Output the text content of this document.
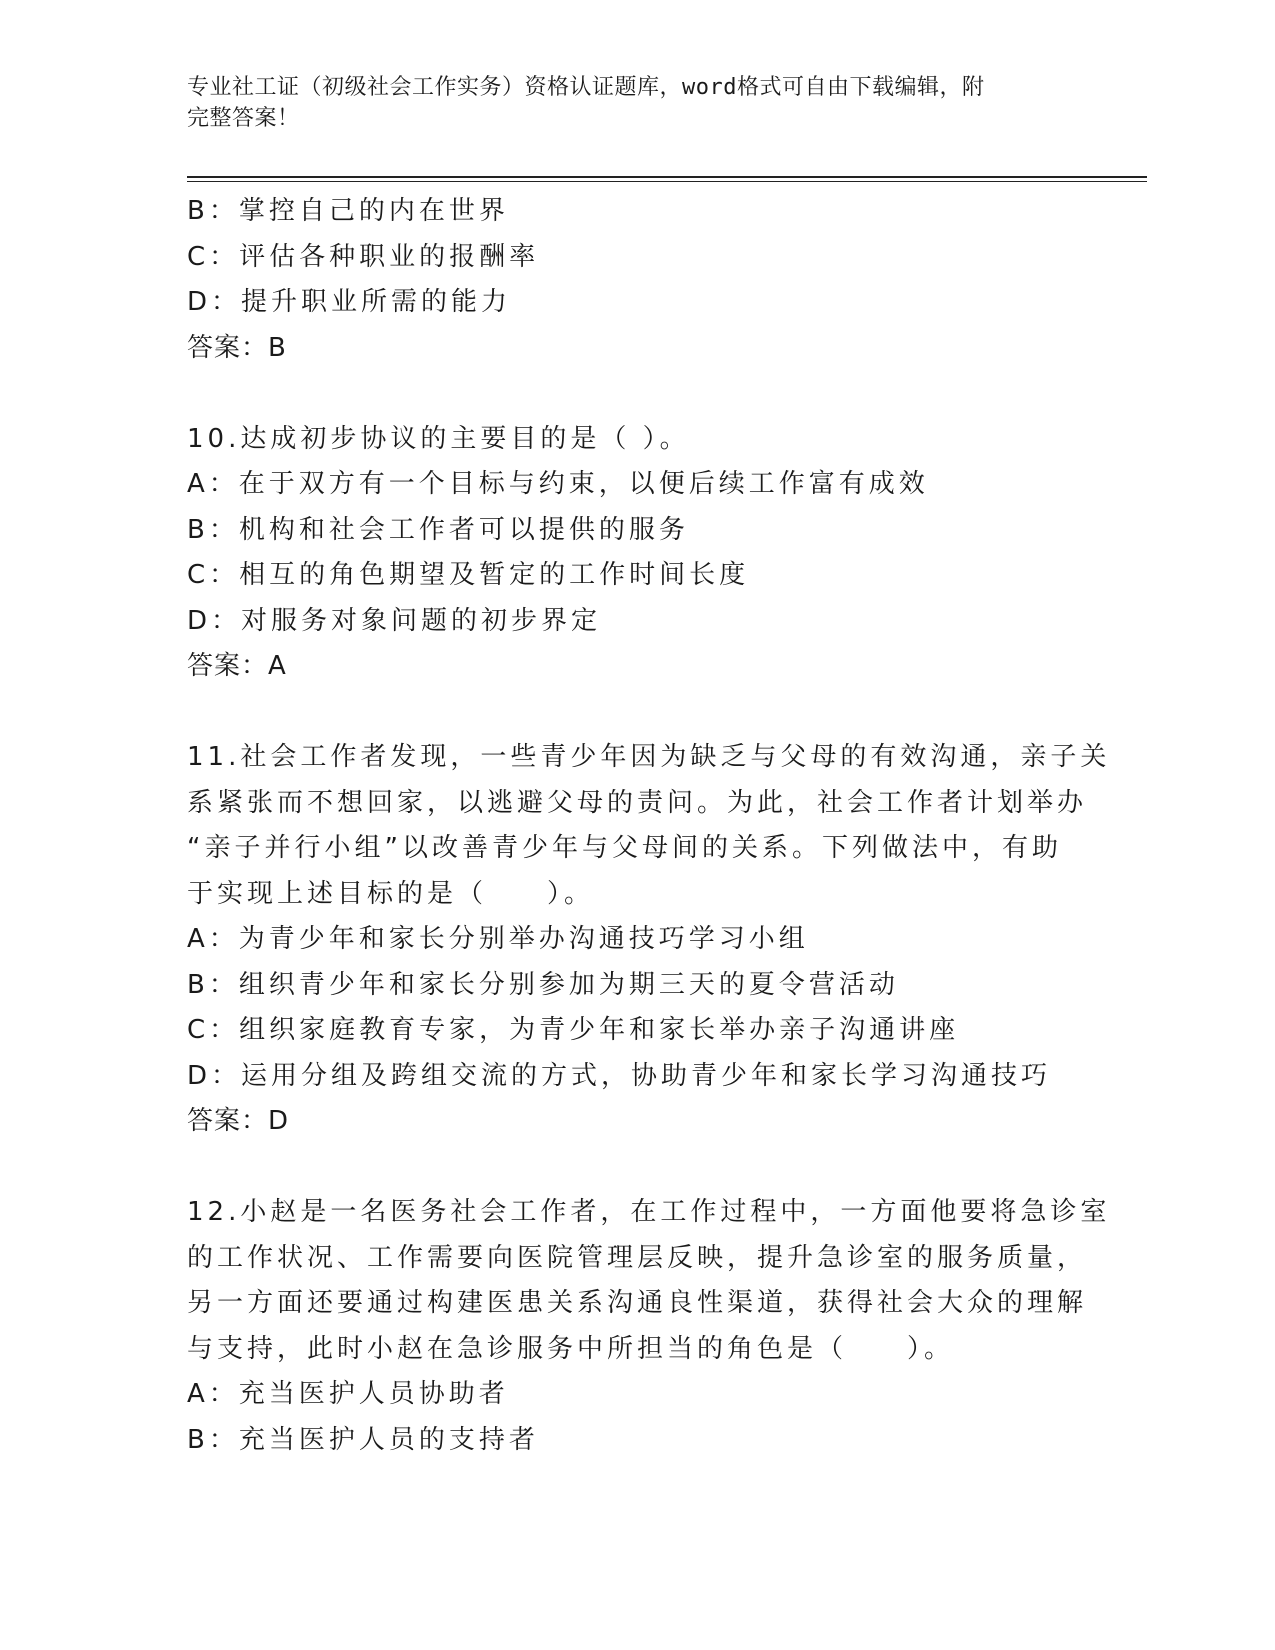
专业社工证（初级社会工作实务）资格认证题库，word格式可自由下载编辑，附
完整答案！
B：掌控自己的内在世界
C：评估各种职业的报酬率
D：提升职业所需的能力
答案：B
10.达成初步协议的主要目的是（ ）。
A：在于双方有一个目标与约束，以便后续工作富有成效
B：机构和社会工作者可以提供的服务
C：相互的角色期望及暂定的工作时间长度
D：对服务对象问题的初步界定
答案：A
11.社会工作者发现，一些青少年因为缺乏与父母的有效沟通，亲子关
系紧张而不想回家，以逃避父母的责问。为此，社会工作者计划举办
“亲子并行小组”以改善青少年与父母间的关系。下列做法中，有助
于实现上述目标的是（　　）。
A：为青少年和家长分别举办沟通技巧学习小组
B：组织青少年和家长分别参加为期三天的夏令营活动
C：组织家庭教育专家，为青少年和家长举办亲子沟通讲座
D：运用分组及跨组交流的方式，协助青少年和家长学习沟通技巧
答案：D
12.小赵是一名医务社会工作者，在工作过程中，一方面他要将急诊室
的工作状况、工作需要向医院管理层反映，提升急诊室的服务质量，
另一方面还要通过构建医患关系沟通良性渠道，获得社会大众的理解
与支持，此时小赵在急诊服务中所担当的角色是（　　）。
A：充当医护人员协助者
B：充当医护人员的支持者
